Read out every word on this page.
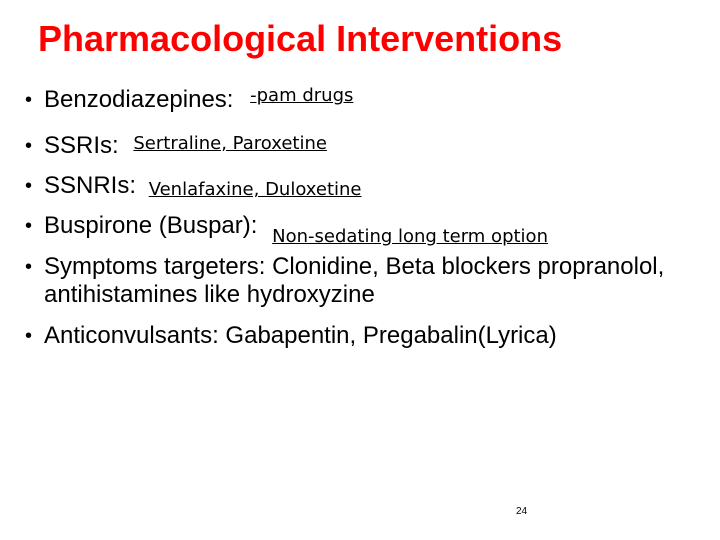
Pharmacological Interventions
• Benzodiazepines: $^{-pam drugs}$
• SSRIs: Sertraline, Paroxetine
• SSNRIs: Venlafaxine, Duloxetine
• Buspirone (Buspar): $_{Non-sedating long term option}$
• Symptoms targeters: Clonidine, Beta blockers propranolol, antihistamines like hydroxyzine
• Anticonvulsants: Gabapentin, Pregabalin(Lyrica)
24
